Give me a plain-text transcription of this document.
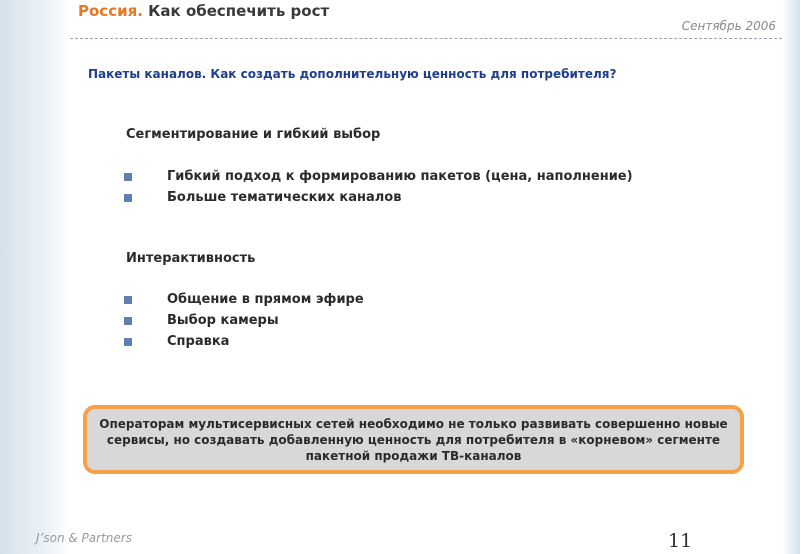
Россия. Как обеспечить рост
Сентябрь 2006
Пакеты каналов. Как создать дополнительную ценность для потребителя?
Сегментирование и гибкий выбор
Гибкий подход к формированию пакетов (цена, наполнение)
Больше тематических каналов
Интерактивность
Общение в прямом эфире
Выбор камеры
Справка

Операторам мультисервисных сетей необходимо не только развивать совершенно новые сервисы, но создавать добавленную ценность для потребителя в «корневом» сегменте пакетной продажи ТВ-каналов

J’son & Partners	11
